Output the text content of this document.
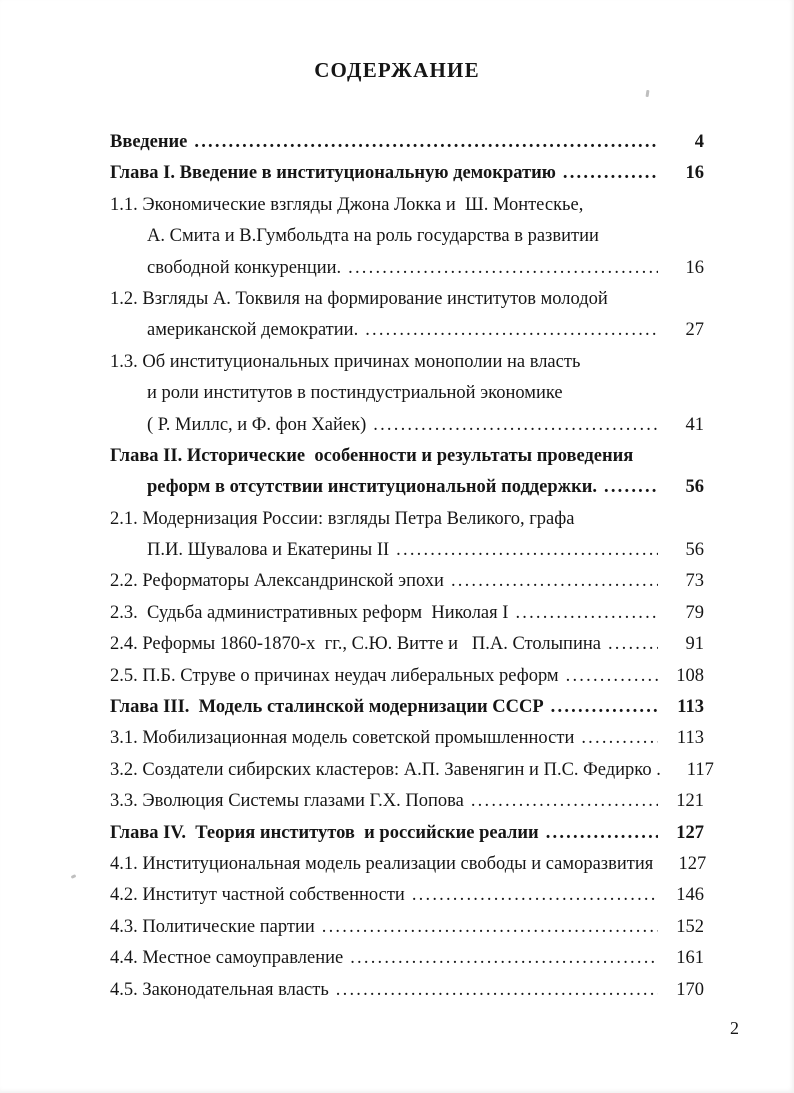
СОДЕРЖАНИЕ
Введение .....	4
Глава I. Введение в институциональную демократию .....	16
1.1. Экономические взгляды Джона Локка и  Ш. Монтескье,
А. Смита и В.Гумбольдта на роль государства в развитии
свободной конкуренции. .....	16
1.2. Взгляды А. Токвиля на формирование институтов молодой
американской демократии. .....	27
1.3. Об институциональных причинах монополии на власть
и роли институтов в постиндустриальной экономике
( Р. Миллс, и Ф. фон Хайек) .....	41
Глава II. Исторические  особенности и результаты проведения
реформ в отсутствии институциональной поддержки. .....	56
2.1. Модернизация России: взгляды Петра Великого, графа
П.И. Шувалова и Екатерины II .....	56
2.2. Реформаторы Александринской эпохи .....	73
2.3.  Судьба административных реформ  Николая I .....	79
2.4. Реформы 1860-1870-х  гг., С.Ю. Витте и   П.А. Столыпина .....	91
2.5. П.Б. Струве о причинах неудач либеральных реформ .....	108
Глава III.  Модель сталинской модернизации СССР .....	113
3.1. Мобилизационная модель советской промышленности .....	113
3.2. Создатели сибирских кластеров: А.П. Завенягин и П.С. Федирко .	117
3.3. Эволюция Системы глазами Г.Х. Попова .....	121
Глава IV.  Теория институтов  и российские реалии .....	127
4.1. Институциональная модель реализации свободы и саморазвития	127
4.2. Институт частной собственности .....	146
4.3. Политические партии .....	152
4.4. Местное самоуправление .....	161
4.5. Законодательная власть .....	170
2
